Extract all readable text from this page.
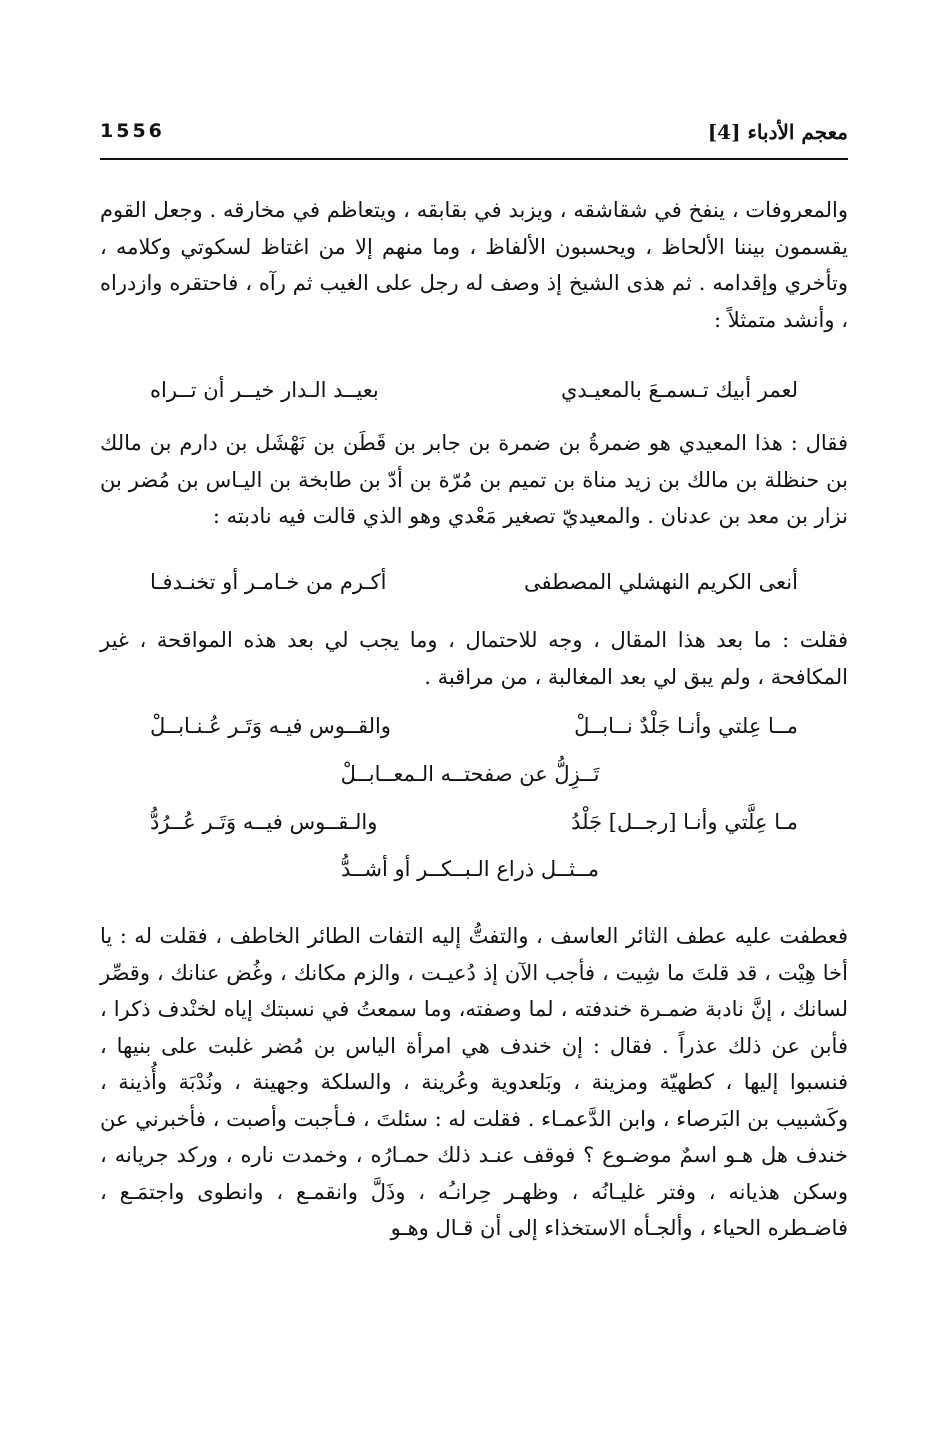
1556	معجم الأدباء [4]

والمعروفات ، ينفخ في شقاشقه ، ويزبد في بقابقه ، ويتعاظم في مخارقه . وجعل القوم يقسمون بيننا الألحاظ ، ويحسبون الألفاظ ، وما منهم إلا من اغتاظ لسكوتي وكلامه ، وتأخري وإقدامه . ثم هذى الشيخ إذ وصف له رجل على الغيب ثم رآه ، فاحتقره وازدراه ، وأنشد متمثلاً :

لعمر أبيك تـسمـعَ بالمعيـدي
بعيــد الـدار خيــر أن تــراه

فقال : هذا المعيدي هو ضمرةُ بن ضمرة بن جابر بن قَطَن بن نَهْشَل بن دارم بن مالك بن حنظلة بن مالك بن زيد مناة بن تميم بن مُرّة بن أدّ بن طابخة بن اليـاس بن مُضر بن نزار بن معد بن عدنان . والمعيديّ تصغير مَعْدي وهو الذي قالت فيه نادبته :

أنعى الكريم النهشلي المصطفى
أكـرم من خـامـر أو تخنـدفـا

فقلت : ما بعد هذا المقال ، وجه للاحتمال ، وما يجب لي بعد هذه المواقحة ، غير المكافحة ، ولم يبق لي بعد المغالبة ، من مراقبة .

مــا عِلتي وأنـا جَلْدٌ نــابــلْ
والقــوس فيـه وَتَـر عُـنـابــلْ
تَــزِلُّ عن صفحتــه الـمعــابــلْ
مـا عِلَّتي وأنـا [رجــل] جَلْدُ
والـقــوس فيــه وَتَـر عُــرُدُّ
مــثــل ذراع الـبــكــر أو أشــدُّ

فعطفت عليه عطف الثائر العاسف ، والتفتُّ إليه التفات الطائر الخاطف ، فقلت له : يا أخا هِيْت ، قد قلتَ ما شِيت ، فأجب الآن إذ دُعيـت ، والزم مكانك ، وغُض عنانك ، وقصِّر لسانك ، إنَّ نادبة ضمـرة خندفته ، لما وصفته، وما سمعتُ في نسبتك إياه لخنْدف ذكرا ، فأبن عن ذلك عذراً . فقال : إن خندف هي امرأة الياس بن مُضر غلبت على بنيها ، فنسبوا إليها ، كطهيّة ومزينة ، وبَلعدوية وعُرينة ، والسلكة وجهينة ، ونُدْبَة وأُذينة ، وكَشبيب بن البَرصاء ، وابن الدَّعمـاء . فقلت له : سئلتَ ، فـأجبت وأصبت ، فأخبرني عن خندف هل هـو اسمٌ موضـوع ؟ فوقف عنـد ذلك حمـارُه ، وخمدت ناره ، وركد جريانه ، وسكن هذيانه ، وفتر غليـانُه ، وظهـر حِرانـُه ، وذَلَّ وانقمـع ، وانطوى واجتمَـع ، فاضـطره الحياء ، وألجـأه الاستخذاء إلى أن قـال وهـو
